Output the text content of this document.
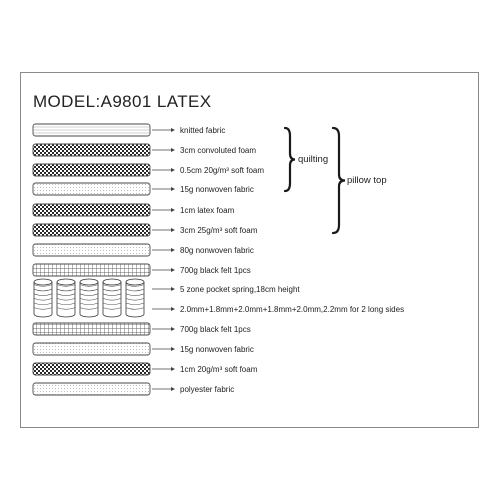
MODEL:A9801 LATEX
knitted fabric
3cm convoluted foam
0.5cm 20g/m³ soft foam
15g nonwoven fabric
1cm latex foam
3cm 25g/m³ soft foam
80g nonwoven fabric
700g black felt 1pcs
5 zone pocket spring,18cm height
2.0mm+1.8mm+2.0mm+1.8mm+2.0mm,2.2mm for 2 long sides
700g black felt 1pcs
15g nonwoven fabric
1cm 20g/m³ soft foam
polyester fabric
quilting
pillow top
